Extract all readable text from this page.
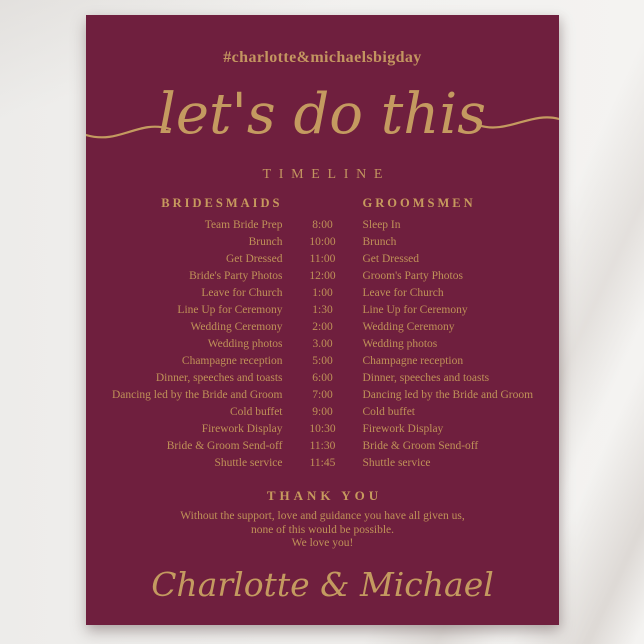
#charlotte&michaelsbigday
let's do this
TIMELINE
BRIDESMAIDS	GROOMSMEN
Team Bride Prep	8:00	Sleep In
Brunch	10:00	Brunch
Get Dressed	11:00	Get Dressed
Bride's Party Photos	12:00	Groom's Party Photos
Leave for Church	1:00	Leave for Church
Line Up for Ceremony	1:30	Line Up for Ceremony
Wedding Ceremony	2:00	Wedding Ceremony
Wedding photos	3.00	Wedding photos
Champagne reception	5:00	Champagne reception
Dinner, speeches and toasts	6:00	Dinner, speeches and toasts
Dancing led by the Bride and Groom	7:00	Dancing led by the Bride and Groom
Cold buffet	9:00	Cold buffet
Firework Display	10:30	Firework Display
Bride & Groom Send-off	11:30	Bride & Groom Send-off
Shuttle service	11:45	Shuttle service
THANK YOU
Without the support, love and guidance you have all given us,
none of this would be possible.
We love you!
Charlotte & Michael
